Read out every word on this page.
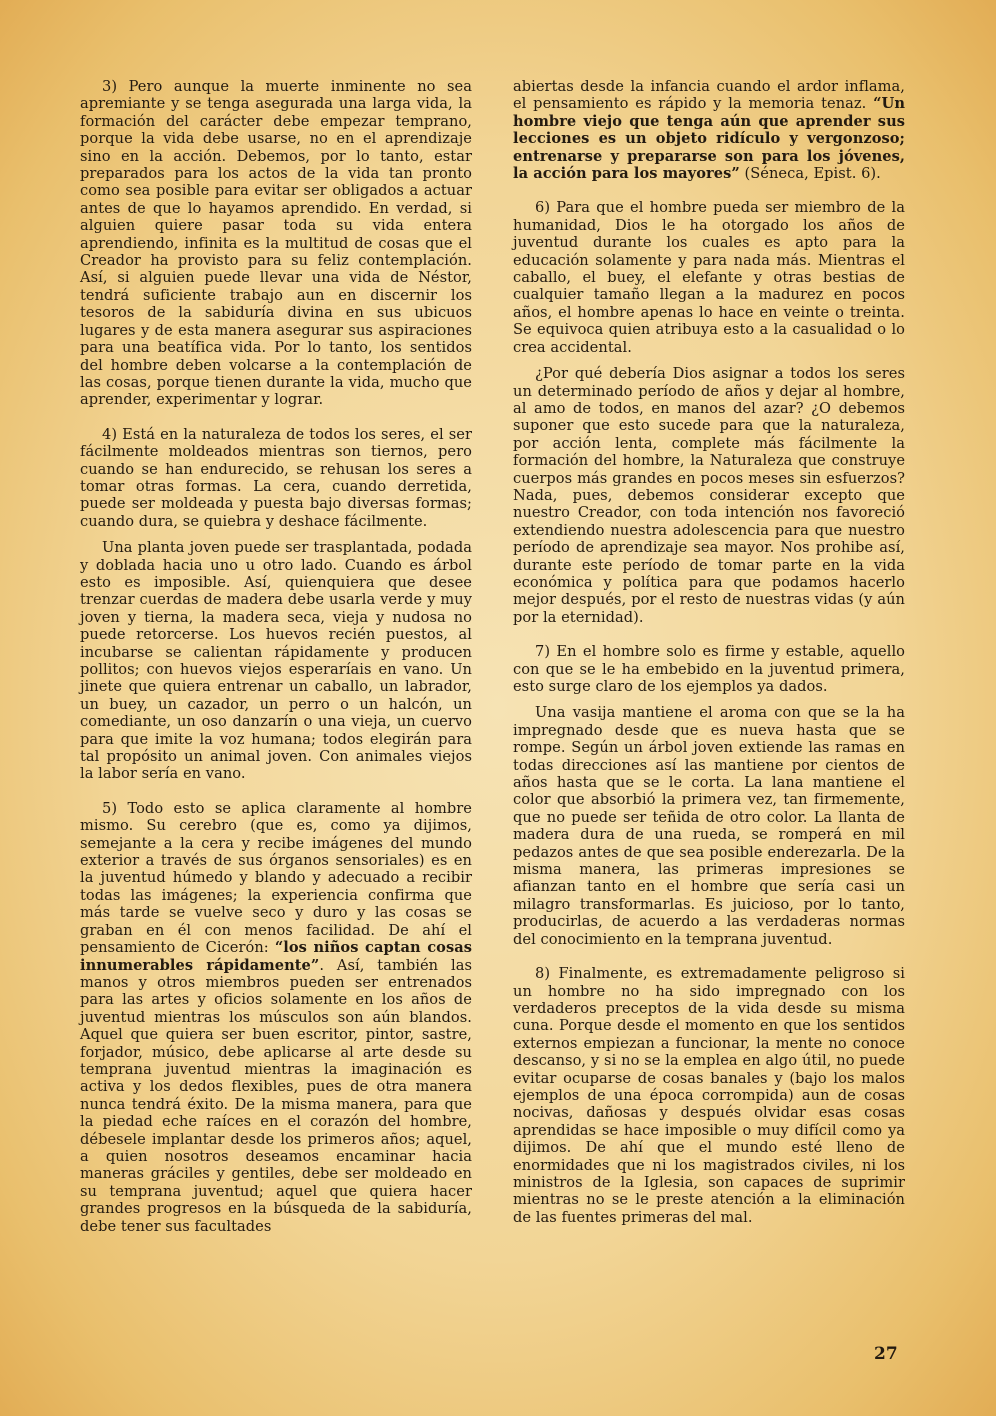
3) Pero aunque la muerte inminente no sea apremiante y se tenga asegurada una larga vida, la formación del carácter debe empezar temprano, porque la vida debe usarse, no en el aprendizaje sino en la acción. Debemos, por lo tanto, estar preparados para los actos de la vida tan pronto como sea posible para evitar ser obligados a actuar antes de que lo hayamos aprendido. En verdad, si alguien quiere pasar toda su vida entera aprendiendo, infinita es la multitud de cosas que el Creador ha provisto para su feliz contemplación. Así, si alguien puede llevar una vida de Néstor, tendrá suficiente trabajo aun en discernir los tesoros de la sabiduría divina en sus ubicuos lugares y de esta manera asegurar sus aspiraciones para una beatífica vida. Por lo tanto, los sentidos del hombre deben volcarse a la contemplación de las cosas, porque tienen durante la vida, mucho que aprender, experimentar y lograr.

4) Está en la naturaleza de todos los seres, el ser fácilmente moldeados mientras son tiernos, pero cuando se han endurecido, se rehusan los seres a tomar otras formas. La cera, cuando derretida, puede ser moldeada y puesta bajo diversas formas; cuando dura, se quiebra y deshace fácilmente.

Una planta joven puede ser trasplantada, podada y doblada hacia uno u otro lado. Cuando es árbol esto es imposible. Así, quienquiera que desee trenzar cuerdas de madera debe usarla verde y muy joven y tierna, la madera seca, vieja y nudosa no puede retorcerse. Los huevos recién puestos, al incubarse se calientan rápidamente y producen pollitos; con huevos viejos esperaríais en vano. Un jinete que quiera entrenar un caballo, un labrador, un buey, un cazador, un perro o un halcón, un comediante, un oso danzarín o una vieja, un cuervo para que imite la voz humana; todos elegirán para tal propósito un animal joven. Con animales viejos la labor sería en vano.

5) Todo esto se aplica claramente al hombre mismo. Su cerebro (que es, como ya dijimos, semejante a la cera y recibe imágenes del mundo exterior a través de sus órganos sensoriales) es en la juventud húmedo y blando y adecuado a recibir todas las imágenes; la experiencia confirma que más tarde se vuelve seco y duro y las cosas se graban en él con menos facilidad. De ahí el pensamiento de Cicerón: “los niños captan cosas innumerables rápidamente”. Así, también las manos y otros miembros pueden ser entrenados para las artes y oficios solamente en los años de juventud mientras los músculos son aún blandos. Aquel que quiera ser buen escritor, pintor, sastre, forjador, músico, debe aplicarse al arte desde su temprana juventud mientras la imaginación es activa y los dedos flexibles, pues de otra manera nunca tendrá éxito. De la misma manera, para que la piedad eche raíces en el corazón del hombre, débesele implantar desde los primeros años; aquel, a quien nosotros deseamos encaminar hacia maneras gráciles y gentiles, debe ser moldeado en su temprana juventud; aquel que quiera hacer grandes progresos en la búsqueda de la sabiduría, debe tener sus facultades

abiertas desde la infancia cuando el ardor inflama, el pensamiento es rápido y la memoria tenaz. “Un hombre viejo que tenga aún que aprender sus lecciones es un objeto ridículo y vergonzoso; entrenarse y prepararse son para los jóvenes, la acción para los mayores” (Séneca, Epist. 6).

6) Para que el hombre pueda ser miembro de la humanidad, Dios le ha otorgado los años de juventud durante los cuales es apto para la educación solamente y para nada más. Mientras el caballo, el buey, el elefante y otras bestias de cualquier tamaño llegan a la madurez en pocos años, el hombre apenas lo hace en veinte o treinta. Se equivoca quien atribuya esto a la casualidad o lo crea accidental.

¿Por qué debería Dios asignar a todos los seres un determinado período de años y dejar al hombre, al amo de todos, en manos del azar? ¿O debemos suponer que esto sucede para que la naturaleza, por acción lenta, complete más fácilmente la formación del hombre, la Naturaleza que construye cuerpos más grandes en pocos meses sin esfuerzos? Nada, pues, debemos considerar excepto que nuestro Creador, con toda intención nos favoreció extendiendo nuestra adolescencia para que nuestro período de aprendizaje sea mayor. Nos prohibe así, durante este período de tomar parte en la vida económica y política para que podamos hacerlo mejor después, por el resto de nuestras vidas (y aún por la eternidad).

7) En el hombre solo es firme y estable, aquello con que se le ha embebido en la juventud primera, esto surge claro de los ejemplos ya dados.

Una vasija mantiene el aroma con que se la ha impregnado desde que es nueva hasta que se rompe. Según un árbol joven extiende las ramas en todas direcciones así las mantiene por cientos de años hasta que se le corta. La lana mantiene el color que absorbió la primera vez, tan firmemente, que no puede ser teñida de otro color. La llanta de madera dura de una rueda, se romperá en mil pedazos antes de que sea posible enderezarla. De la misma manera, las primeras impresiones se afianzan tanto en el hombre que sería casi un milagro transformarlas. Es juicioso, por lo tanto, producirlas, de acuerdo a las verdaderas normas del conocimiento en la temprana juventud.

8) Finalmente, es extremadamente peligroso si un hombre no ha sido impregnado con los verdaderos preceptos de la vida desde su misma cuna. Porque desde el momento en que los sentidos externos empiezan a funcionar, la mente no conoce descanso, y si no se la emplea en algo útil, no puede evitar ocuparse de cosas banales y (bajo los malos ejemplos de una época corrompida) aun de cosas nocivas, dañosas y después olvidar esas cosas aprendidas se hace imposible o muy difícil como ya dijimos. De ahí que el mundo esté lleno de enormidades que ni los magistrados civiles, ni los ministros de la Iglesia, son capaces de suprimir mientras no se le preste atención a la eliminación de las fuentes primeras del mal.

27
